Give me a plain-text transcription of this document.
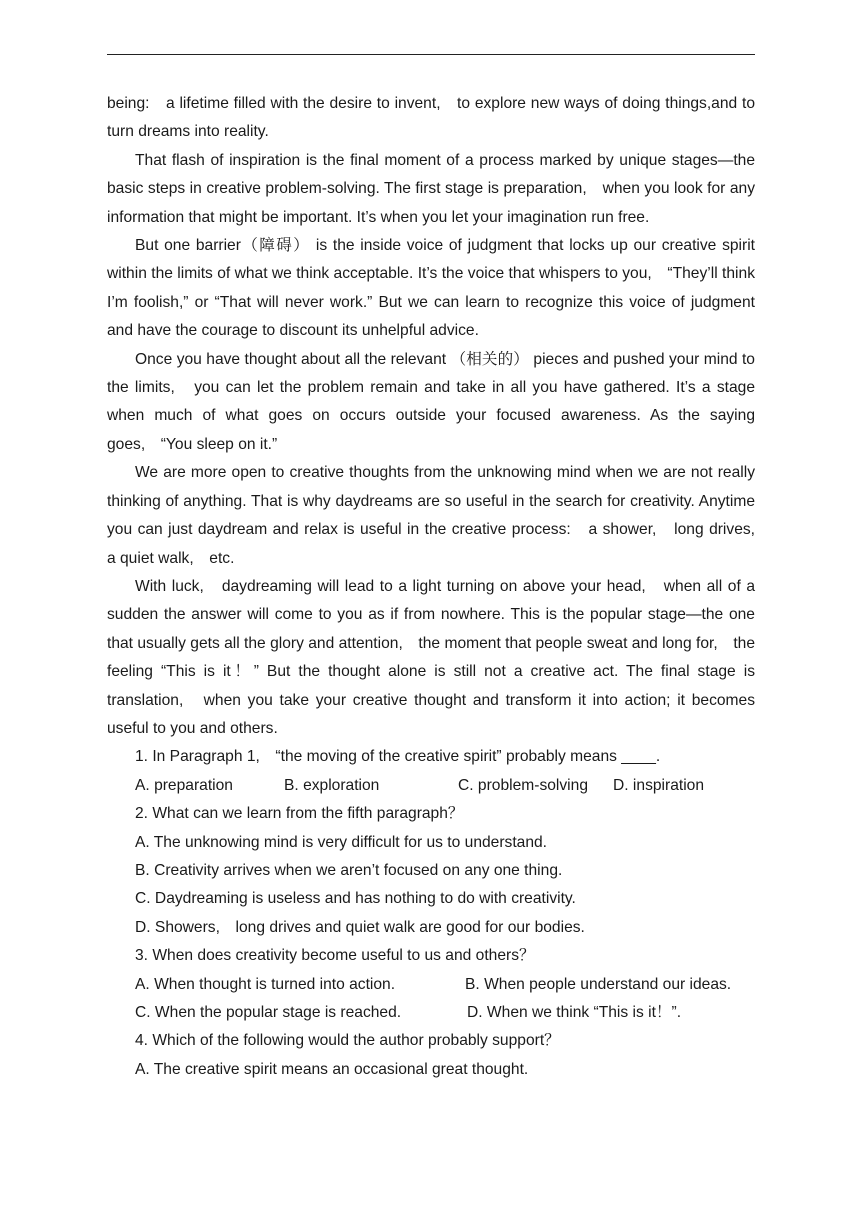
being:　a lifetime filled with the desire to invent,　to explore new ways of doing things,and to turn dreams into reality.

That flash of inspiration is the final moment of a process marked by unique stages—the basic steps in creative problem-solving. The first stage is preparation,　when you look for any information that might be important. It’s when you let your imagination run free.

But one barrier（障碍） is the inside voice of judgment that locks up our creative spirit within the limits of what we think acceptable. It’s the voice that whispers to you,　“They’ll think I’m foolish,” or “That will never work.” But we can learn to recognize this voice of judgment and have the courage to discount its unhelpful advice.

Once you have thought about all the relevant （相关的） pieces and pushed your mind to the limits,　you can let the problem remain and take in all you have gathered. It’s a stage when much of what goes on occurs outside your focused awareness. As the saying goes,　“You sleep on it.”

We are more open to creative thoughts from the unknowing mind when we are not really thinking of anything. That is why daydreams are so useful in the search for creativity. Anytime you can just daydream and relax is useful in the creative process:　a shower,　long drives,　a quiet walk,　etc.

With luck,　daydreaming will lead to a light turning on above your head,　when all of a sudden the answer will come to you as if from nowhere. This is the popular stage—the one that usually gets all the glory and attention,　the moment that people sweat and long for,　the feeling “This is it！” But the thought alone is still not a creative act. The final stage is translation,　when you take your creative thought and transform it into action; it becomes useful to you and others.

1. In Paragraph 1,　“the moving of the creative spirit” probably means ____.

A. preparation	B. exploration	C. problem-solving	D. inspiration

2. What can we learn from the fifth paragraph？

A. The unknowing mind is very difficult for us to understand.

B. Creativity arrives when we aren’t focused on any one thing.

C. Daydreaming is useless and has nothing to do with creativity.

D. Showers,　long drives and quiet walk are good for our bodies.

3. When does creativity become useful to us and others？

A. When thought is turned into action.	B. When people understand our ideas.
C. When the popular stage is reached.	D. When we think “This is it！”.

4. Which of the following would the author probably support？

A. The creative spirit means an occasional great thought.
